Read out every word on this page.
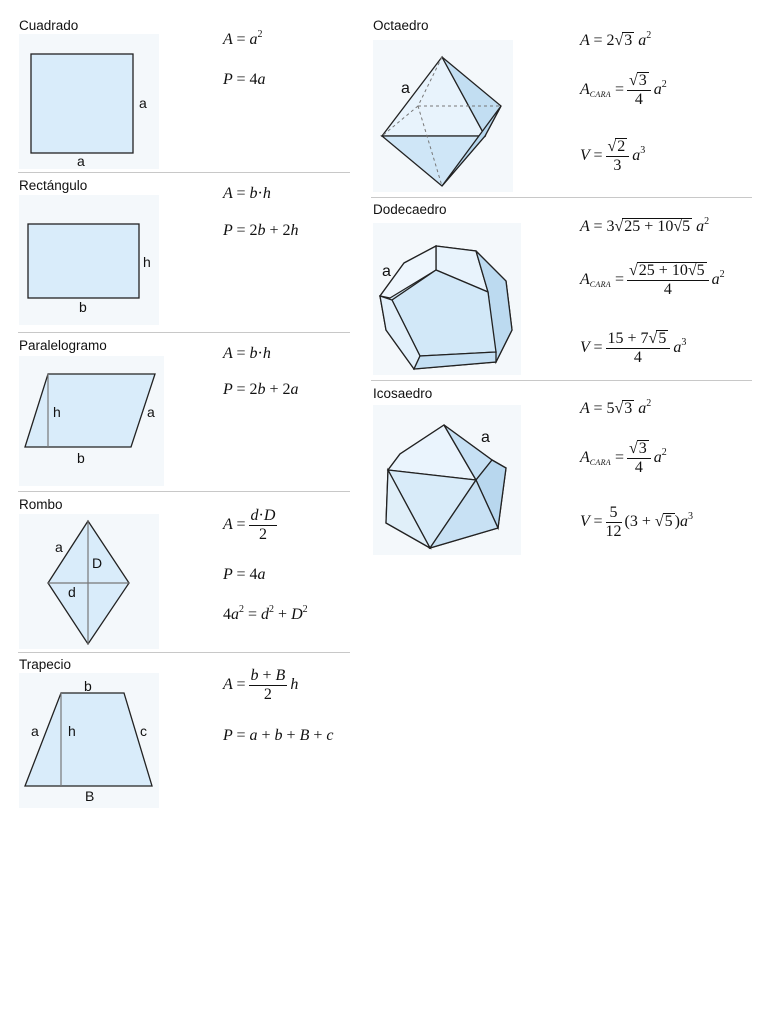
Cuadrado
a
a
$A = a^2$
P = 4a
Rectángulo
h
b
A = b·h
P = 2b + 2h
Paralelogramo
h	a
b
A = b·h
P = 2b + 2a
Rombo
a
D
d
$A = \frac{d\cdot D}{2}$
P = 4a
$4a^2 = d^2 + D^2$
Trapecio
b
a h	c
B
$A = \frac{b + B}{2}$ h
P = a + b + B + c
Octaedro
a
A = 2√3 $a^2$
$A_{CARA} = \frac{√3}{4} a^2$
$V = \frac{√2}{3} a^3$
Dodecaedro
a
A = 3√25 + 10√5 $a^2$
$A_{CARA} = \frac{√25 + 10√5}{4} a^2$
$V = \frac{15 + 7√5}{4} a^3$
Icosaedro
a
A = 5√3 $a^2$
$A_{CARA} = \frac{√3}{4} a^2$
$V = \frac{5}{12} (3 + √5$ )$a^3$
